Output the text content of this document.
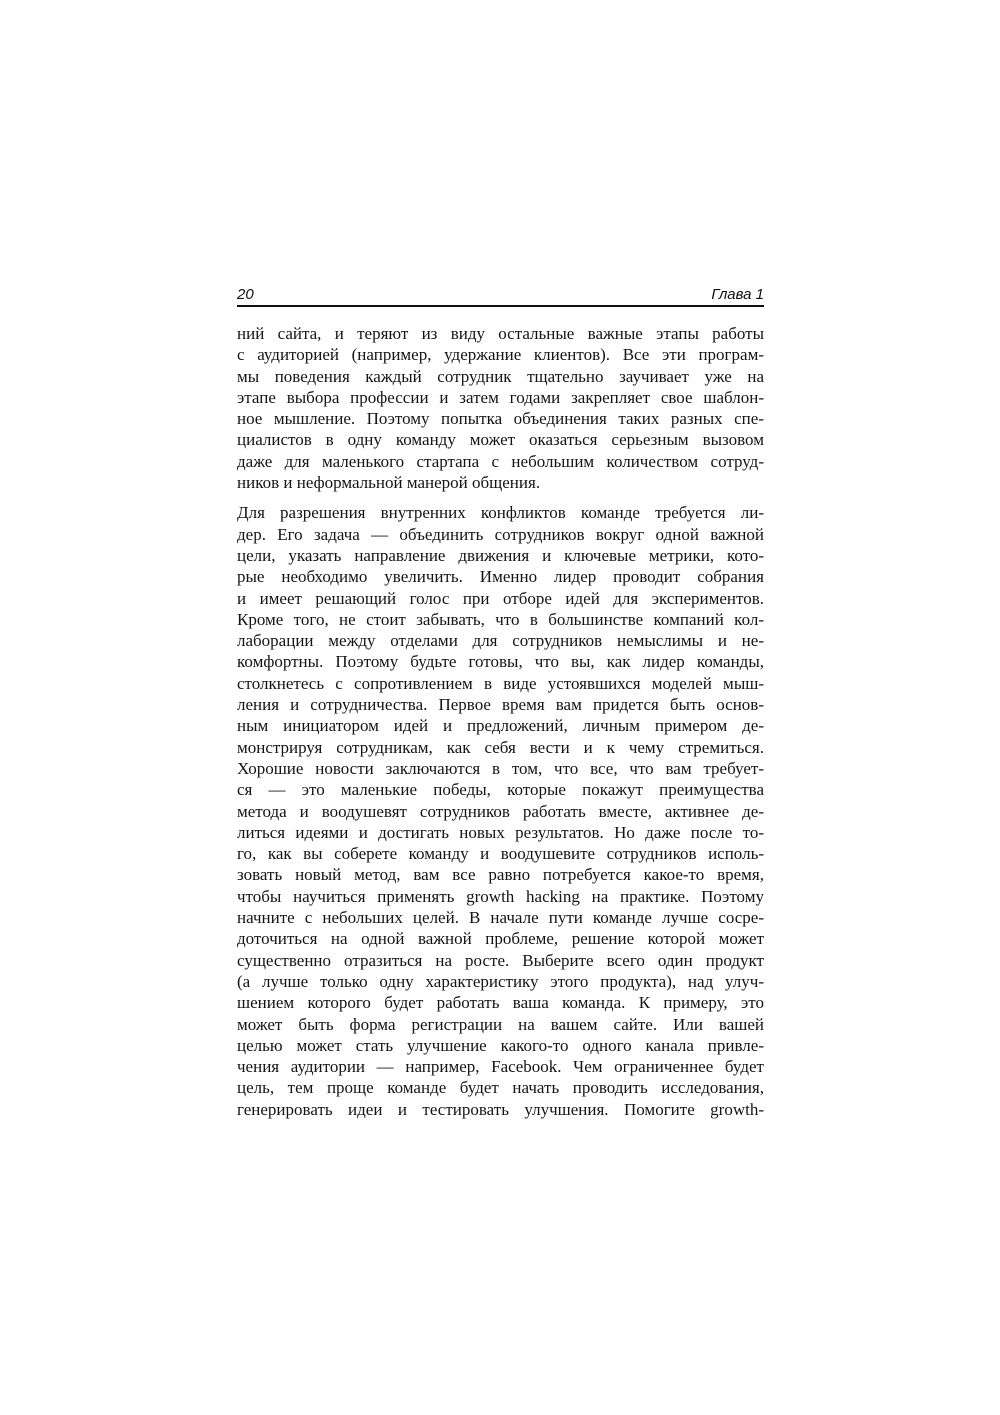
20	Глава 1
ний сайта, и теряют из виду остальные важные этапы работы
с аудиторией (например, удержание клиентов). Все эти програм-
мы поведения каждый сотрудник тщательно заучивает уже на
этапе выбора профессии и затем годами закрепляет свое шаблон-
ное мышление. Поэтому попытка объединения таких разных спе-
циалистов в одну команду может оказаться серьезным вызовом
даже для маленького стартапа с небольшим количеством сотруд-
ников и неформальной манерой общения.
Для разрешения внутренних конфликтов команде требуется ли-
дер. Его задача — объединить сотрудников вокруг одной важной
цели, указать направление движения и ключевые метрики, кото-
рые необходимо увеличить. Именно лидер проводит собрания
и имеет решающий голос при отборе идей для экспериментов.
Кроме того, не стоит забывать, что в большинстве компаний кол-
лаборации между отделами для сотрудников немыслимы и не-
комфортны. Поэтому будьте готовы, что вы, как лидер команды,
столкнетесь с сопротивлением в виде устоявшихся моделей мыш-
ления и сотрудничества. Первое время вам придется быть основ-
ным инициатором идей и предложений, личным примером де-
монстрируя сотрудникам, как себя вести и к чему стремиться.
Хорошие новости заключаются в том, что все, что вам требует-
ся — это маленькие победы, которые покажут преимущества
метода и воодушевят сотрудников работать вместе, активнее де-
литься идеями и достигать новых результатов. Но даже после то-
го, как вы соберете команду и воодушевите сотрудников исполь-
зовать новый метод, вам все равно потребуется какое-то время,
чтобы научиться применять growth hacking на практике. Поэтому
начните с небольших целей. В начале пути команде лучше сосре-
доточиться на одной важной проблеме, решение которой может
существенно отразиться на росте. Выберите всего один продукт
(а лучше только одну характеристику этого продукта), над улуч-
шением которого будет работать ваша команда. К примеру, это
может быть форма регистрации на вашем сайте. Или вашей
целью может стать улучшение какого-то одного канала привле-
чения аудитории — например, Facebook. Чем ограниченнее будет
цель, тем проще команде будет начать проводить исследования,
генерировать идеи и тестировать улучшения. Помогите growth-
